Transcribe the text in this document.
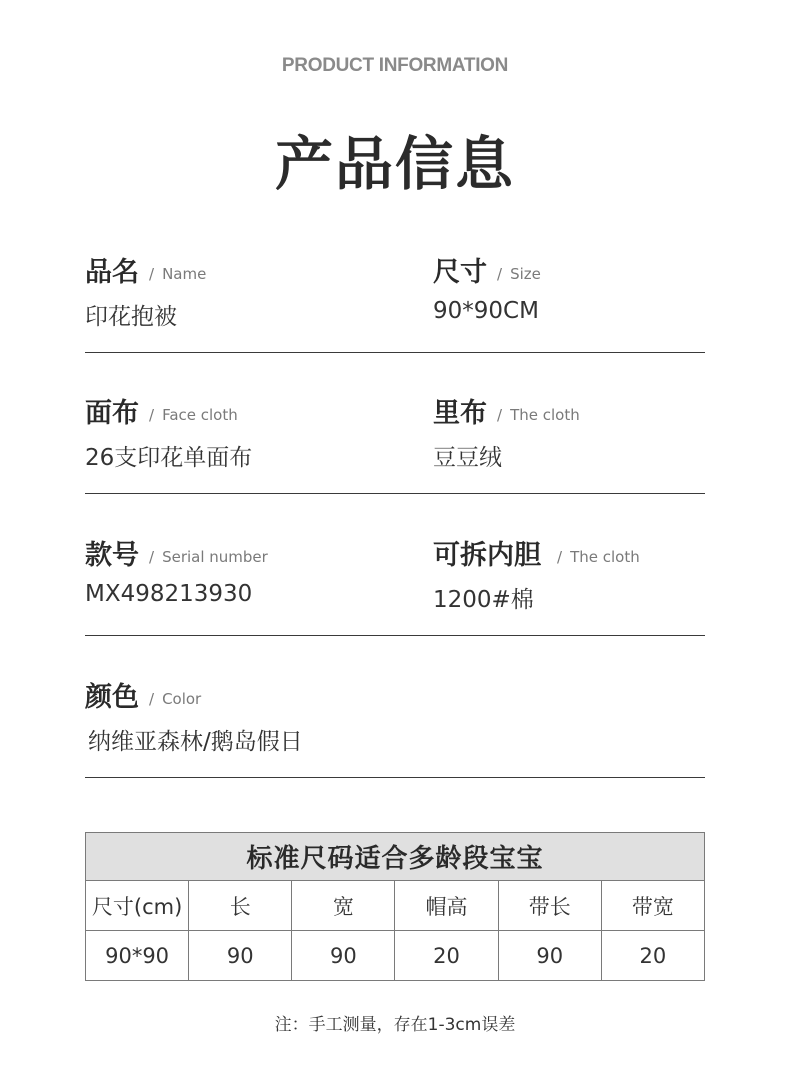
PRODUCT INFORMATION
产品信息
品名 / Name
印花抱被
尺寸 / Size
90*90CM
面布 / Face cloth
26支印花单面布
里布 / The cloth
豆豆绒
款号 / Serial number
MX498213930
可拆内胆 / The cloth
1200#棉
颜色 / Color
纳维亚森林/鹅岛假日
标准尺码适合多龄段宝宝					
尺寸(cm)	长	宽	帽高	带长	带宽
90*90	90	90	20	90	20
注：手工测量，存在1-3cm误差
